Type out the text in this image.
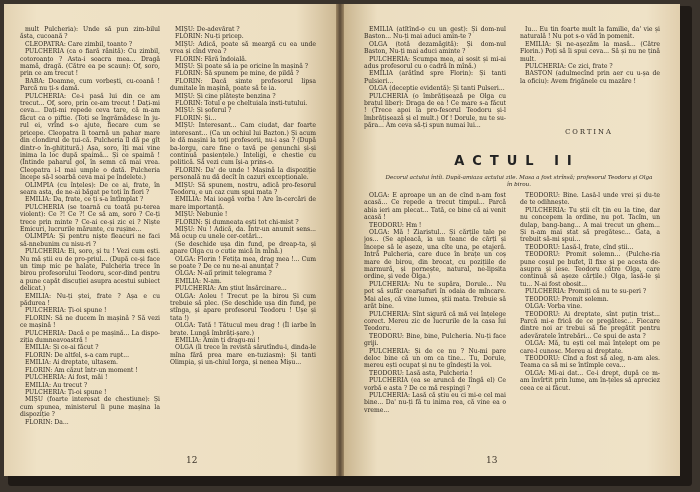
mult Pulcheria): Unde să pun zim-bilul ăsta, cucoană ?

CLEOPATRA: Care zimbil, toanto ?

PULCHERIA (ca o fiară rănită): Cu zimbil, cotoroanțo ? Asta-i soacra mea... Dragă mamă, dragă. (Către ea pe scaun): Of, soro, prin ce am trecut !

BABA: Doamne, cum vorbești, cu-coană ! Parcă nu ți-s damă.

PULCHERIA: Ce-i pasă lui din ce am trecut... Of, soro, prin ce-am trecut ! Dați-mi ceva... Dați-mi repede ceva tare, că m-am făcut ca o piftie. (Toți se îngrămădesc în ju-rul ei, vrînd s-o ajute, fiecare cum se pricepe. Cleopatra îi toarnă un pahar mare din clondirul de țui-că. Pulcheria îl dă pe gît dintr-o în-ghițitură.) Așa, soro, îți mai vine inima la loc după spaimă... Și ce spaimă ! (Întinde paharul gol, în semn că mai vrea. Cleopatra i-l mai umple o dată. Pulcheria începe să-l soarbă ceva mai pe îndelete.)

OLIMPIA (cu înțeles): De ce ai, frate, în seara asta, de ne-ai băgat pe toți în fiori ?

EMILIA: Da, frate, ce ți s-a întîmplat ?

PULCHERIA (se toarnă cu toată pu-terea violent): Ce ?! Ce ?! Ce să am, soro ? Ce-ți trece prin minte ? Ce-ai ce-și zic ei ? Niște Emicuri, lucrurile mărunte, cu rușine...

OLIMPIA: Și pentru niște fleacuri ne faci să-nnebunim cu nisu-ri ?

PULCHERIA: Ei, soro, și tu ! Vezi cum ești. Nu mă știi eu de pro-priul... (După ce-și face un timp mic pe halate, Pulcheria trece în birou profesorului Teodoru, scor-dind pentru a pune capăt discuției asupra acestui subiect delicat.)

EMILIA: Nu-ți ștei, frate ? Așa e cu pădurea !

PULCHERIA: Ți-oi spune !

FLORIN: Să ne ducem în mașină ? Să vezi ce mașină !

PULCHERIA: Dacă e pe mașină... La dispo-ziția dumneavoastră !

EMILIA: Și ce-ai făcut ?

FLORIN: De altfel, s-a cam rupt...

EMILIA: Ai dreptate, ultasem.

FLORIN: Am căzut într-un moment !

PULCHERIA: Ai fost, măi !

EMILIA: Au trecut ?

PULCHERIA: Ți-oi spune !

MIȘU (foarte interesat de chestiune): Și cum spunea, ministerul îi pune mașina la dispoziție ?

FLORIN: Da...

MIȘU: De-adevărat ?

FLORIN: Nu-ți pricep.

MIȘU: Adică, poate să meargă cu ea unde vrea și cînd vrea ?

FLORIN: Fără îndoială.

MIȘU: Și poate să ia pe oricine în mașină ?

FLORIN: Să spunem pe mine, de pildă ?

FLORIN: Dacă simte profesorul lipsa dumitale în mașină, poate să te ia.

MIȘU: Și cine plătește benzina ?

FLORIN: Totul e pe cheltuiala insti-tutului.

MIȘU: Și șoferul ?

FLORIN: Și...

MIȘU: Interesant... Cam ciudat, dar foarte interesant... (Ca un ochiul lui Bazton.) Și acum le dă mașini la toți profesorii, nu-i așa ? (După ba-lorgu, care fine o tavă pe genunchi și-și continuă pasiențele.) Inteligi, e chestie cu politică. Să vezi cum își-a prins-o.

FLORIN: Da' de unde ! Mașină la dispoziție personală nu dă decît în cazuri excepționale.

MIȘU: Să spunem, nostru, adică pro-fesorul Teodoru, e un caz cum spui mata ?

EMILIA: Mai ioagă vorba ! Are în-cercări de mare importanță.

MIȘU: Nebunie !

FLORIN: Și dumneata ești tot chi-mist ?

MIȘU: Nu ! Adică, da. Într-un anumit sens... Mă ocup cu unele cer-cetări...

(Se deschide ușa din fund, pe dreap-ta, și apare Olga cu o cutie mică în mînă.)

OLGA: Florin ! Fetița mea, drag mea !... Cum se poate ? De ce nu ne-ai anunțat ?

OLGA: N-aiî primit telegrama ?

EMILIA: N-am.

PULCHERIA: Am știut însărcinare...

OLGA: Aoleu ! Trecut pe la birou Și cum trebuie să plec. (Se deschide ușa din fund, pe stînga, și apare profesorul Teodoru ! Ușe și tata !)

OLGA: Tată ! Tătucul meu drag ! (Îl iarbe în brate. Lungă îmbrăți-șare.)

EMILIA: Amin ți dragu-mi !

OLGA (îi trece în revistă sărutîndu-i, dinda-le mîna fără prea mare en-tuziasm): Și tanti Olimpia, și un-chiul Iorga, și nenea Mișu...

12

EMILIA (atîtînd-o cu un gest): Și dom-nul Baston... Nu-ți mai aduci amin-te ?

OLGA (totă dezamăgită): Și dom-nul Baston, Nu-ți mai aduci aminte ?

PULCHERIA: Scumpa mea, ai sosit și mi-ai adus profesorul cu o cadră în mînă.)

EMILIA (arătînd spre Florin): Și tanti Pulsieri...

OLGA (deceptie evidentă): Și tanti Pulseri...

PULCHERIA (o îmbrățișează pe Olga cu brațul liber): Draga de ea ! Ce mare s-a făcut ! (Trece apoi la pro-fesorul Teodoru și-l îmbrățișează și el mult.) Of ! Dorule, nu te su-păra... Am ceva să-ți spun numai lui...

Iu... Eu tin foarte mult la familie, da' vie și naturală ! Nu pot s-o văd în pomenit.

EMILIA: Și ne-așezăm la masă... (Către Florin.) Poți să îi spui ceva... Să și nu ne țină mult.

PULCHERIA: Ce zici, frate ?

BASTON (adulmecînd prin aer cu u-șa de la oficiu): Avem frigănele cu mazăre !

CORTINA
ACTUL II
Decorul actului întîi. După-amiaza actului zile. Masa a fost strînsă; profesorul Teodoru și Olga în birou.

OLGA: E aproape un an de cînd n-am fost acasă... Ce repede a trecut timpul... Parcă abia ieri am plecat... Tată, ce bine că ai venit acasă !

TEODORU: Hm !

OLGA: Mă ! Ziaristul... Și cărțile tale pe jos... (Se apleacă, ia un teanc de cărți și începe să le așeze, una cîte una, pe etajeră. Intră Pulcheria, care duce în brațe un coș mare de birou, din brocat, cu pozițiile de marmură, și pornește, natural, ne-lipsita ordine, și vede Olga.)

PULCHERIA: Nu te supăra, Dorule... Nu pot să sufăr cearșafuri în odaia de mîncare. Mai ales, că vine lumea, știi mata. Trebuie să arăt bine.

PULCHERIA: Sînt sigură că mă vei înțelege corect. Mereu zic de lucrurile de la casa lui Teodoru.

TEODORU: Bine, bine, Pulcheria. Nu-ți face griji.

PULCHERIA: Și de ce nu ? Nu-mi pare deloc bine că un om ca tine... Tu, Dorule, mereu ești ocupat și nu te gîndești la voi.

TEODORU: Lasă asta, Pulcheria !

PULCHERIA (ea se aruncă de lîngă el) Ce vorbă e asta ? De ce mă respingi ?

PULCHERIA: Lasă că știu eu ci mi-e cel mai bine... Da' nu-ți fă tu inima rea, că vine ea o vreme...

TEODORU: Bine. Lasă-l unde vrei și du-te de te odihnește.

PULCHERIA: Tu știi cît țin eu la tine, dar nu concepem la ordine, nu pot. Tacîm, un dulap, bang-bang... A mai trecut un ghem... Și n-am mai stat să pregătesc... Gata, a trebuit să-mi spui...

TEODORU: Lasă-l, frate, cînd știi...

TEODORU: Promit solemn... (Pulche-ria pune coșul pe bufet, îl fixe și pe acesta de-asupra și iese. Teodoru către Olga, care continuă să așeze cărțile.) Olga, lasă-le și tu... N-ai fost obosit...

PULCHERIA: Promiți că nu te su-peri ?

TEODORU: Promit solemn.

OLGA: Vorba vine.

TEODORU: Ai dreptate, sînt puțin trist... Parcă mi-e frică de ce pregătesc... Fiecare dintre noi ar trebui să fie pregătit pentru adevăratele întrebări... Ce spui de asta ?

OLGA: Mă, tu ești cel mai înțelept om pe care-l cunosc. Mereu ai dreptate.

TEODORU: Cînd a fost să aleg, n-am ales. Teama ca să mi se întîmple ceva...

OLGA: Mi-ai dat... Ce-i drept, după ce m-am învîrtit prin lume, am în-țeles să apreciez ceea ce ai făcut.

13
